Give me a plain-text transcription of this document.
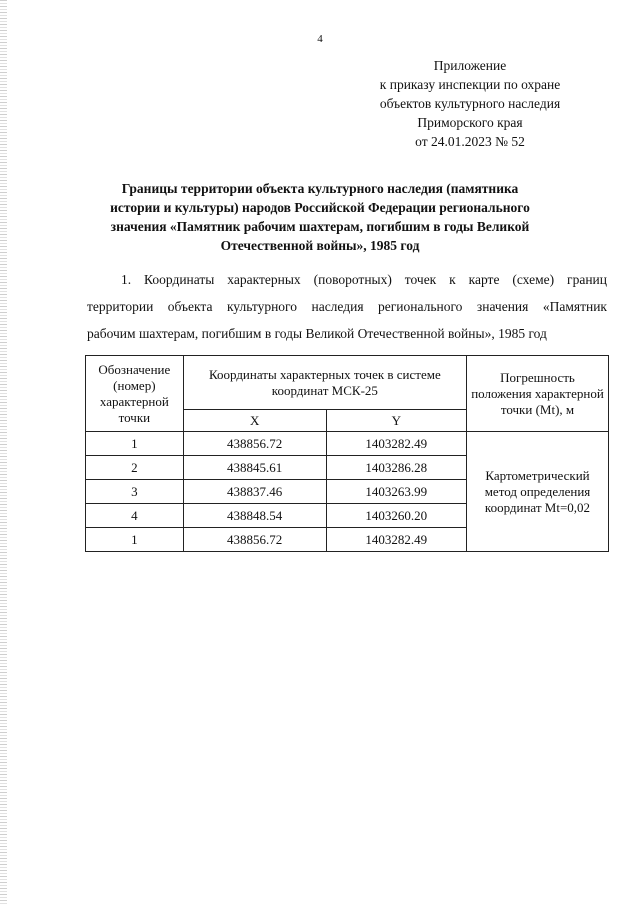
4
Приложение
к приказу инспекции по охране
объектов культурного наследия
Приморского края
от 24.01.2023 № 52
Границы территории объекта культурного наследия (памятника
истории и культуры) народов Российской Федерации регионального
значения «Памятник рабочим шахтерам, погибшим в годы Великой
Отечественной войны», 1985 год
1. Координаты характерных (поворотных) точек к карте (схеме) границ
территории объекта культурного наследия регионального значения «Памятник
рабочим шахтерам, погибшим в годы Великой Отечественной войны», 1985 год
Обозначение (номер) характерной точки	Координаты характерных точек в системе координат МСК-25		Погрешность положения характерной точки (Mt), м
	X	Y	
1	438856.72	1403282.49	Картометрический метод определения координат Mt=0,02
2	438845.61	1403286.28	
3	438837.46	1403263.99	
4	438848.54	1403260.20	
1	438856.72	1403282.49	
